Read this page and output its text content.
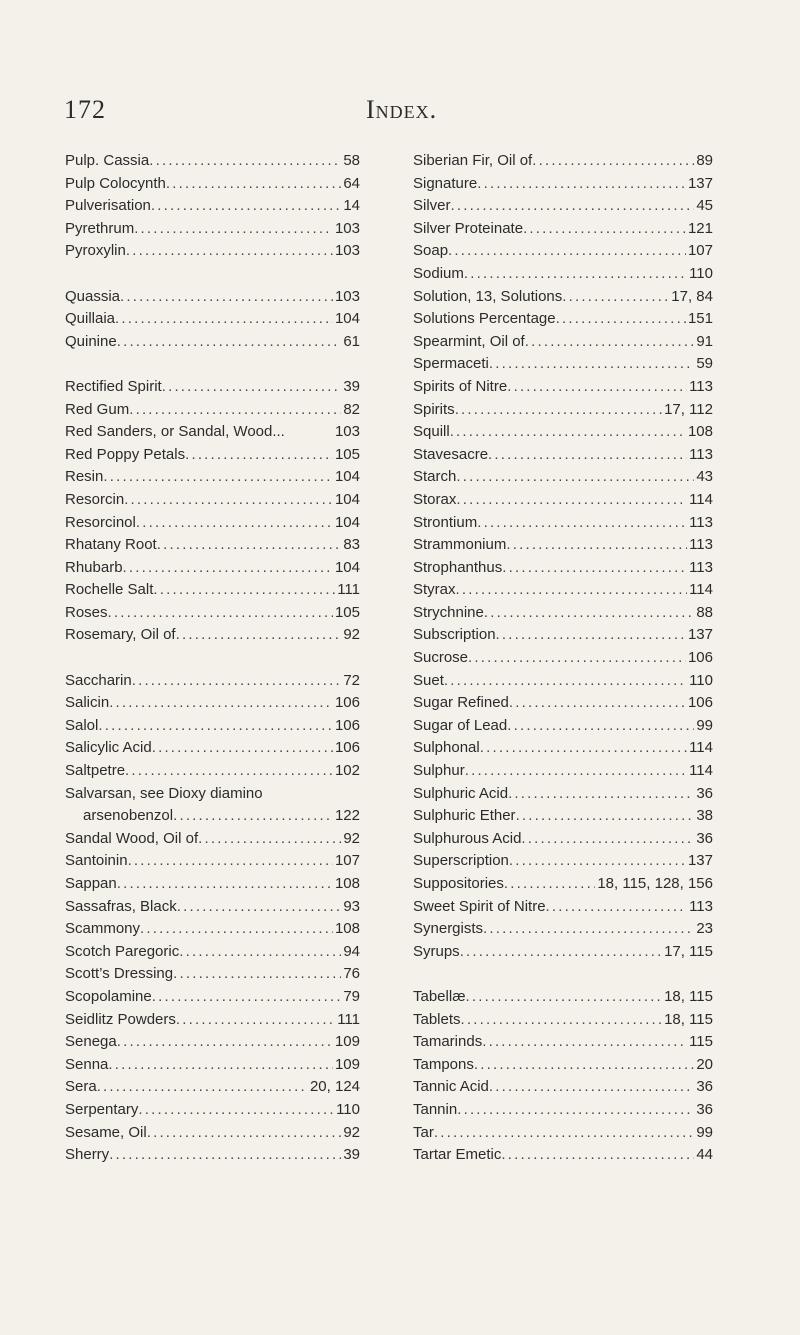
172	Index.
Pulp. Cassia .....	58
Pulp Colocynth .....	64
Pulverisation .....	14
Pyrethrum .....	103
Pyroxylin .....	103
Quassia .....	103
Quillaia .....	104
Quinine .....	61
Rectified Spirit .....	39
Red Gum .....	82
Red Sanders, or Sandal, Wood...	103
Red Poppy Petals .....	105
Resin .....	104
Resorcin .....	104
Resorcinol .....	104
Rhatany Root .....	83
Rhubarb .....	104
Rochelle Salt .....	111
Roses .....	105
Rosemary, Oil of .....	92
Saccharin .....	72
Salicin .....	106
Salol .....	106
Salicylic Acid .....	106
Saltpetre .....	102
Salvarsan, see Dioxy diamino
arsenobenzol .....	122
Sandal Wood, Oil of .....	92
Santoinin .....	107
Sappan .....	108
Sassafras, Black .....	93
Scammony .....	108
Scotch Paregoric .....	94
Scott’s Dressing .....	76
Scopolamine .....	79
Seidlitz Powders .....	111
Senega .....	109
Senna .....	109
Sera .....	20, 124
Serpentary .....	110
Sesame, Oil .....	92
Sherry .....	39
Siberian Fir, Oil of .....	89
Signature .....	137
Silver .....	45
Silver Proteinate .....	121
Soap .....	107
Sodium .....	110
Solution, 13, Solutions .....	17, 84
Solutions Percentage .....	151
Spearmint, Oil of .....	91
Spermaceti .....	59
Spirits of Nitre .....	113
Spirits .....	17, 112
Squill .....	108
Stavesacre .....	113
Starch .....	43
Storax .....	114
Strontium .....	113
Strammonium .....	113
Strophanthus .....	113
Styrax .....	114
Strychnine .....	88
Subscription .....	137
Sucrose .....	106
Suet .....	110
Sugar Refined .....	106
Sugar of Lead .....	99
Sulphonal .....	114
Sulphur .....	114
Sulphuric Acid .....	36
Sulphuric Ether .....	38
Sulphurous Acid .....	36
Superscription .....	137
Suppositories .....	18, 115, 128, 156
Sweet Spirit of Nitre .....	113
Synergists .....	23
Syrups .....	17, 115
Tabellæ .....	18, 115
Tablets .....	18, 115
Tamarinds .....	115
Tampons .....	20
Tannic Acid .....	36
Tannin .....	36
Tar .....	99
Tartar Emetic .....	44
